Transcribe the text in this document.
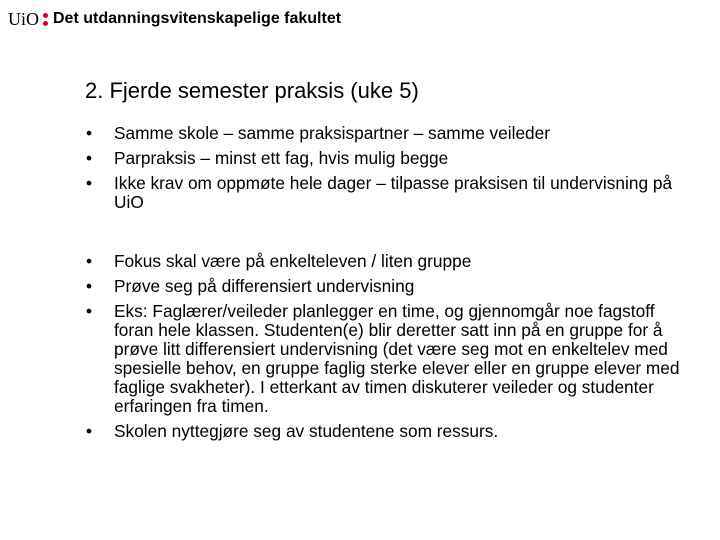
UiO Det utdanningsvitenskapelige fakultet
2. Fjerde semester praksis (uke 5)
• Samme skole – samme praksispartner – samme veileder
• Parpraksis – minst ett fag, hvis mulig begge
• Ikke krav om oppmøte hele dager – tilpasse praksisen til undervisning på UiO
• Fokus skal være på enkelteleven / liten gruppe
• Prøve seg på differensiert undervisning
• Eks: Faglærer/veileder planlegger en time, og gjennomgår noe fagstoff foran hele klassen. Studenten(e) blir deretter satt inn på en gruppe for å prøve litt differensiert undervisning (det være seg mot en enkeltelev med spesielle behov, en gruppe faglig sterke elever eller en gruppe elever med faglige svakheter). I etterkant av timen diskuterer veileder og studenter erfaringen fra timen.
• Skolen nyttegjøre seg av studentene som ressurs.
